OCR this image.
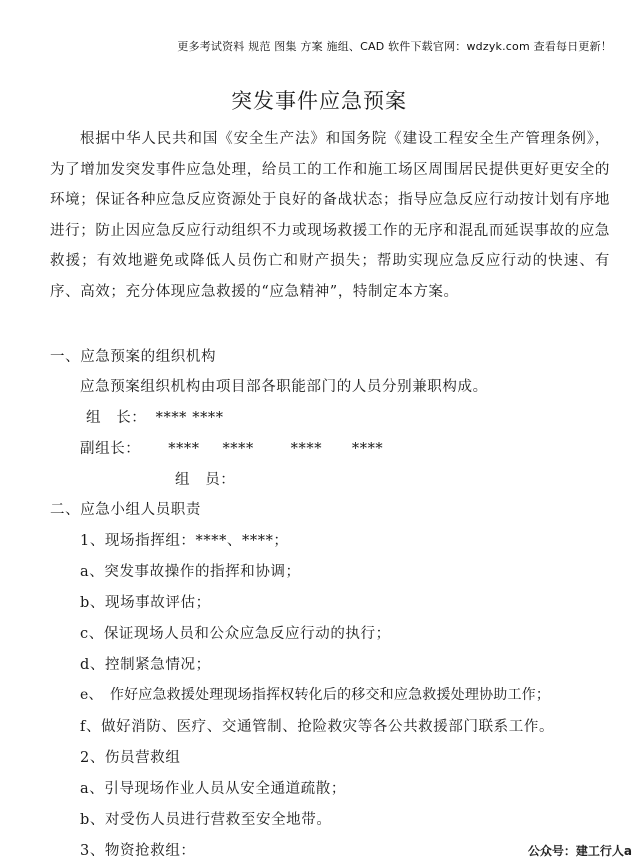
更多考试资料 规范 图集 方案 施组、CAD 软件下载官网：wdzyk.com 查看每日更新！
突发事件应急预案
根据中华人民共和国《安全生产法》和国务院《建设工程安全生产管理条例》，为了增加发突发事件应急处理，给员工的工作和施工场区周围居民提供更好更安全的环境；保证各种应急反应资源处于良好的备战状态；指导应急反应行动按计划有序地进行；防止因应急反应行动组织不力或现场救援工作的无序和混乱而延误事故的应急救援；有效地避免或降低人员伤亡和财产损失；帮助实现应急反应行动的快速、有序、高效；充分体现应急救援的“应急精神”，特制定本方案。
一、应急预案的组织机构
应急预案组织机构由项目部各职能部门的人员分别兼职构成。
组　长： **** ****
副组长： **** ****	**** ****
组　员：
二、应急小组人员职责
1、现场指挥组：****、****；
a、突发事故操作的指挥和协调；
b、现场事故评估；
c、保证现场人员和公众应急反应行动的执行；
d、控制紧急情况；
e、　作好应急救援处理现场指挥权转化后的移交和应急救援处理协助工作；
f、做好消防、医疗、交通管制、抢险救灾等各公共救援部门联系工作。
2、伤员营救组
a、引导现场作业人员从安全通道疏散；
b、对受伤人员进行营救至安全地带。
3、物资抢救组：	公众号：建工行人a
